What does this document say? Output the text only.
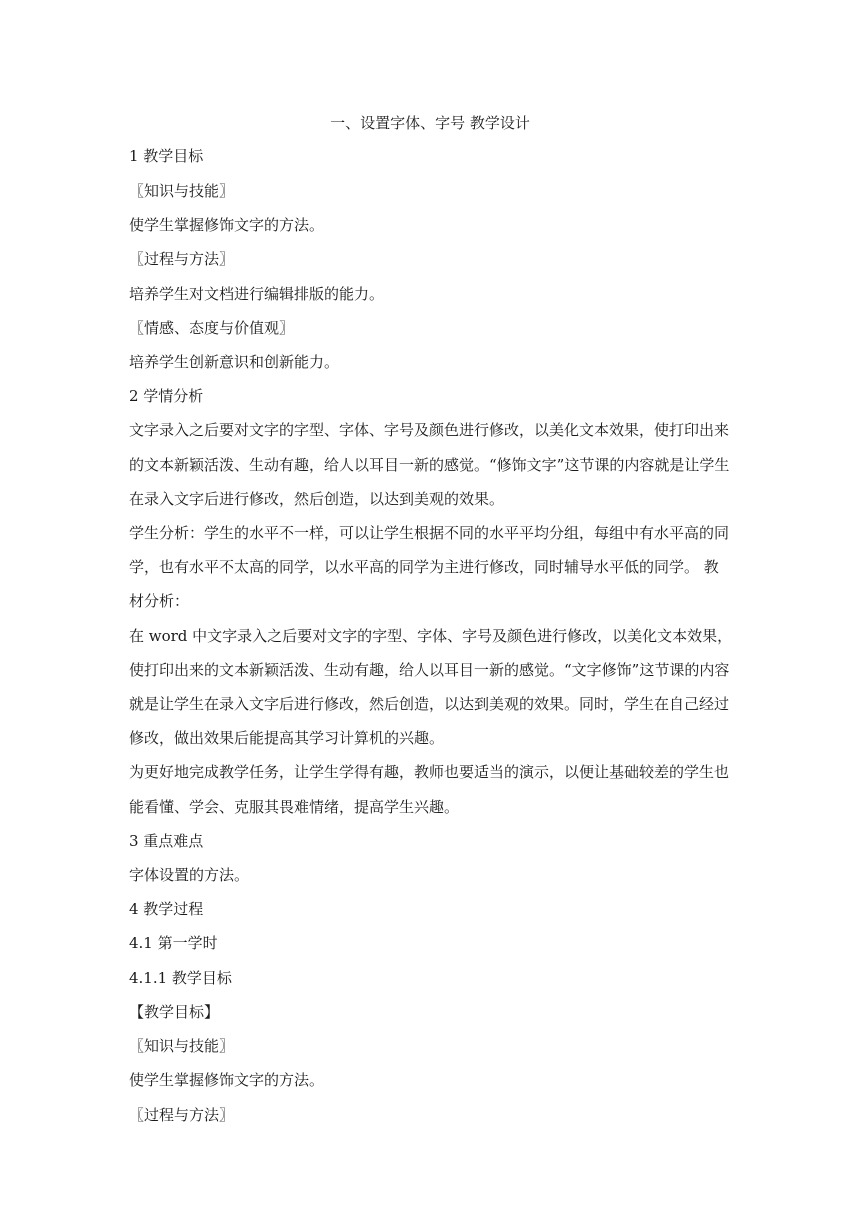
一、设置字体、字号 教学设计
1 教学目标
〖知识与技能〗
使学生掌握修饰文字的方法。
〖过程与方法〗
培养学生对文档进行编辑排版的能力。
〖情感、态度与价值观〗
培养学生创新意识和创新能力。
2 学情分析
文字录入之后要对文字的字型、字体、字号及颜色进行修改，以美化文本效果，使打印出来
的文本新颖活泼、生动有趣，给人以耳目一新的感觉。“修饰文字”这节课的内容就是让学生
在录入文字后进行修改，然后创造，以达到美观的效果。
学生分析：学生的水平不一样，可以让学生根据不同的水平平均分组，每组中有水平高的同
学，也有水平不太高的同学，以水平高的同学为主进行修改，同时辅导水平低的同学。 教
材分析：
在 word 中文字录入之后要对文字的字型、字体、字号及颜色进行修改，以美化文本效果，
使打印出来的文本新颖活泼、生动有趣，给人以耳目一新的感觉。“文字修饰”这节课的内容
就是让学生在录入文字后进行修改，然后创造，以达到美观的效果。同时，学生在自己经过
修改，做出效果后能提高其学习计算机的兴趣。
为更好地完成教学任务，让学生学得有趣，教师也要适当的演示，以便让基础较差的学生也
能看懂、学会、克服其畏难情绪，提高学生兴趣。
3 重点难点
字体设置的方法。
4 教学过程
4.1 第一学时
4.1.1 教学目标
【教学目标】
〖知识与技能〗
使学生掌握修饰文字的方法。
〖过程与方法〗
